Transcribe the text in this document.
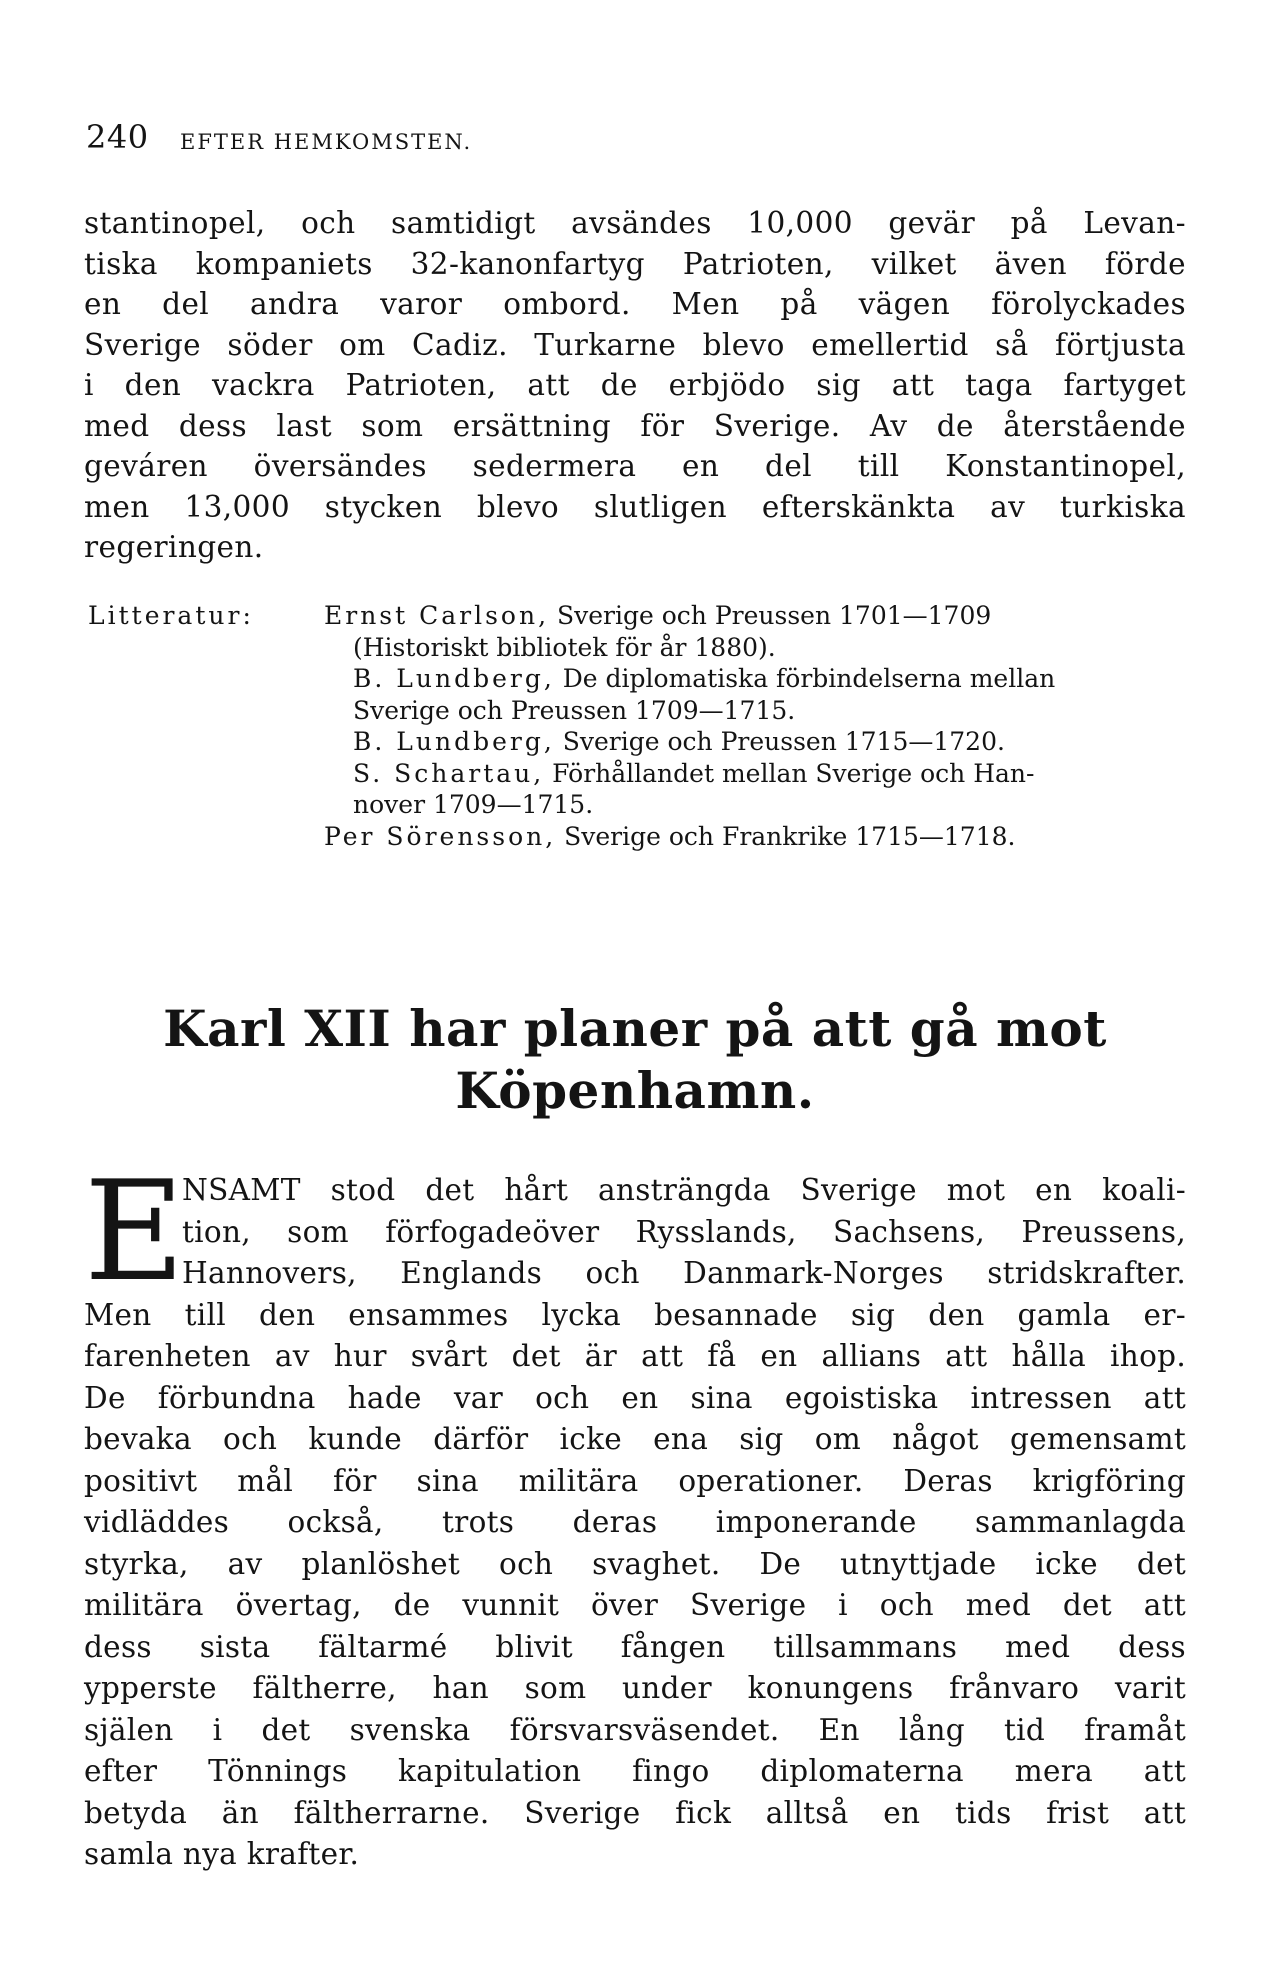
240 EFTER HEMKOMSTEN.
stantinopel, och samtidigt avsändes 10,000 gevär på Levan-
tiska kompaniets 32-kanonfartyg Patrioten, vilket även förde
en del andra varor ombord. Men på vägen förolyckades
Sverige söder om Cadiz. Turkarne blevo emellertid så förtjusta
i den vackra Patrioten, att de erbjödo sig att taga fartyget
med dess last som ersättning för Sverige. Av de återstående
geváren översändes sedermera en del till Konstantinopel,
men 13,000 stycken blevo slutligen efterskänkta av turkiska
regeringen.
Litteratur:	Ernst Carlson, Sverige och Preussen 1701—1709
(Historiskt bibliotek för år 1880).
B. Lundberg, De diplomatiska förbindelserna mellan
Sverige och Preussen 1709—1715.
B. Lundberg, Sverige och Preussen 1715—1720.
S. Schartau, Förhållandet mellan Sverige och Han-
nover 1709—1715.
Per Sörensson, Sverige och Frankrike 1715—1718.
Karl XII har planer på att gå mot
Köpenhamn.
E
NSAMT stod det hårt ansträngda Sverige mot en koali-
tion, som förfogadeöver Rysslands, Sachsens, Preussens,
Hannovers, Englands och Danmark-Norges stridskrafter.
Men till den ensammes lycka besannade sig den gamla er-
farenheten av hur svårt det är att få en allians att hålla ihop.
De förbundna hade var och en sina egoistiska intressen att
bevaka och kunde därför icke ena sig om något gemensamt
positivt mål för sina militära operationer. Deras krigföring
vidläddes också, trots deras imponerande sammanlagda
styrka, av planlöshet och svaghet. De utnyttjade icke det
militära övertag, de vunnit över Sverige i och med det att
dess sista fältarmé blivit fången tillsammans med dess
ypperste fältherre, han som under konungens frånvaro varit
själen i det svenska försvarsväsendet. En lång tid framåt
efter Tönnings kapitulation fingo diplomaterna mera att
betyda än fältherrarne. Sverige fick alltså en tids frist att
samla nya krafter.
